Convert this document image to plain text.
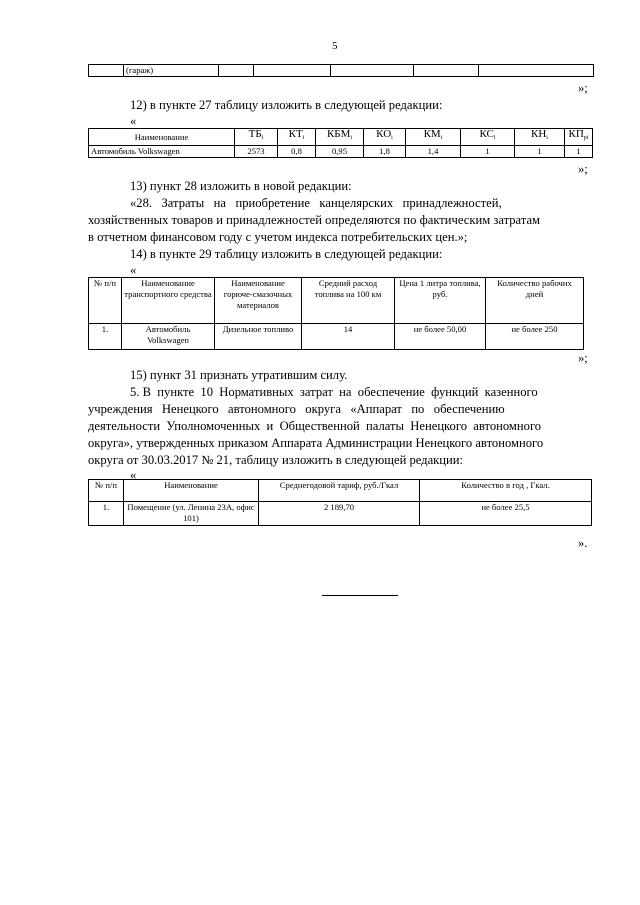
5
	(гараж)					
»;
12) в пункте 27 таблицу изложить в следующей редакции:
«
Наименование	$ТБ_i$	$КТ_i$	$КБМ_i$	$КО_i$	$КМ_i$	$КС_i$	$КН_i$	$КП_{pi}$
Автомобиль Volkswagen	2573	0,8	0,95	1,8	1,4	1	1	1
»;
13) пункт 28 изложить в новой редакции:
«28.   Затраты   на   приобретение   канцелярских   принадлежностей,
хозяйственных товаров и принадлежностей определяются по фактическим затратам
в отчетном финансовом году с учетом индекса потребительских цен.»;
14) в пункте 29 таблицу изложить в следующей редакции:
«
№ п/п	Наименование транспортного средства	Наименование горюче-смазочных материалов	Средний расход топлива на 100 км	Цена 1 литра топлива, руб.	Количество рабочих дней
1.	Автомобиль Volkswagen	Дизельное топливо	14	не более 50,00	не более 250
»;
15) пункт 31 признать утратившим силу.
5. В  пункте  10  Нормативных  затрат  на  обеспечение  функций  казенного
учреждения   Ненецкого   автономного   округа   «Аппарат   по   обеспечению
деятельности  Уполномоченных  и  Общественной  палаты  Ненецкого  автономного
округа», утвержденных приказом Аппарата Администрации Ненецкого автономного
округа от 30.03.2017 № 21, таблицу изложить в следующей редакции:
«
№ п/п	Наименование	Среднегодовой тариф, руб./Гкал	Количество в год , Гкал.
1.	Помещение (ул. Ленина 23А, офис 101)	2 189,70	не более 25,5
».
